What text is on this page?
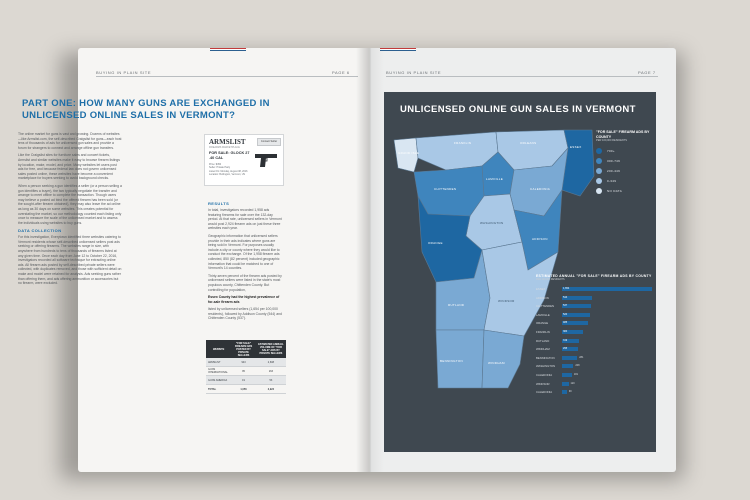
BUYING IN PLAIN SITE	PAGE 6
PART ONE: HOW MANY GUNS ARE EXCHANGED IN UNLICENSED ONLINE SALES IN VERMONT?

The online market for guns is vast and growing. Dozens of websites—like Armslist.com, the self-described Craigslist for guns—each host tens of thousands of ads for unlicensed gun sales and provide a forum for strangers to connect and arrange offline gun transfers.

Like the Craigslist sites for furniture sales and concert tickets, Armslist and similar websites make it easy to browse firearm listings by location, make, model, and price. Many websites let users post ads for free, and because federal law does not govern unlicensed sales posted online, these websites have become a convenient marketplace for buyers seeking to avoid background checks.

When a person seeking a gun identifies a seller (or a person selling a gun identifies a buyer), the two typically negotiate the transfer and arrange to meet offline to complete the transaction. Though users may believe a posted ad bind the offered firearm has been sold (or the sought-after firearm obtained), they may also leave the ad online as long as 30 days on some websites. This creates potential for overstating the market, so our methodology counted each listing only once to measure the scale of the unlicensed market and to assess the individuals using websites to buy guns.

DATA COLLECTION

For this investigation, Everytown identified three websites catering to Vermont residents whose self-described unlicensed sellers post ads seeking or offering firearms. The websites range in size, with anywhere from hundreds to tens of thousands of firearms listed at any given time. Once each day from June 12 to October 22, 2016, investigators recorded all software technique for extracting online ads. All firearm ads posted by self-described private sellers were collected, with duplicates removed, and those with sufficient detail on make and model were retained for analysis. Ads seeking guns rather than offering them, and ads offering ammunition or accessories but no firearm, were excluded.

ARMSLIST
FIREARMS MARKETPLACE
Contact Seller
FOR SALE: GLOCK 27 .40 CAL
Price: $450
Seller: Private Party
Listed On: Monday, August 08, 2016
Location: Burlington, Vermont, US
RESULTS

In total, investigators recorded 1,958 ads featuring firearms for sale over the 132-day period. At that rate, unlicensed sellers in Vermont would post 2,924 firearm ads on just these three websites each year.

Geographic information that unlicensed sellers provide in their ads indicates where guns are being sold in Vermont. For purposes usually include a city or county where they would like to conduct the exchange. Of the 1,958 firearm ads collected, 850 (82 percent) included geographic information that could be matched to one of Vermont's 14 counties.

Thirty-seven percent of the firearm ads posted by unlicensed sellers were listed in the state's most populous county, Chittenden County. But controlling for population,

Essex County had the highest prevalence of for-sale firearm ads

listed by unlicensed sellers (1,654 per 100,000 residents), followed by Addison County (544) and Chittenden County (537).

WEBSITE	"FOR SALE" FIREARM ADS POSTED BY PRIVATE SELLERS	ESTIMATED ANNUAL VOLUME OF "FOR SALE" ADS BY PRIVATE SELLERS
ARMSLIST	943	2,608
GUNS INTERNATIONAL	95	263
GUNS AMERICA	19	53
TOTAL	1,056	2,924
BUYING IN PLAIN SITE	PAGE 7
UNLICENSED ONLINE GUN SALES IN VERMONT
GRAND ISLE
FRANKLIN	ORLEANS
ESSEX
LAMOILLE
CHITTENDEN	CALEDONIA
WASHINGTON
ADDISON
ORANGE
RUTLAND
WINDSOR
BENNINGTON	WINDHAM
"FOR SALE" FIREARM ADS BY COUNTY
PER 100,000 RESIDENTS
700+
300-749
200-449
0-349
NO DATA
ESTIMATED ANNUAL "FOR SALE" FIREARM ADS BY COUNTY
PER 100,000 RESIDENTS
ESSEX	1,654
ADDISON	544
CHITTENDEN	537
LAMOILLE	520
ORANGE	485
FRANKLIN	384
RUTLAND	319
WINDHAM	295
BENNINGTON	281
WASHINGTON	208
CALEDONIA	181
WINDSOR	120
CALEDONIA	90
